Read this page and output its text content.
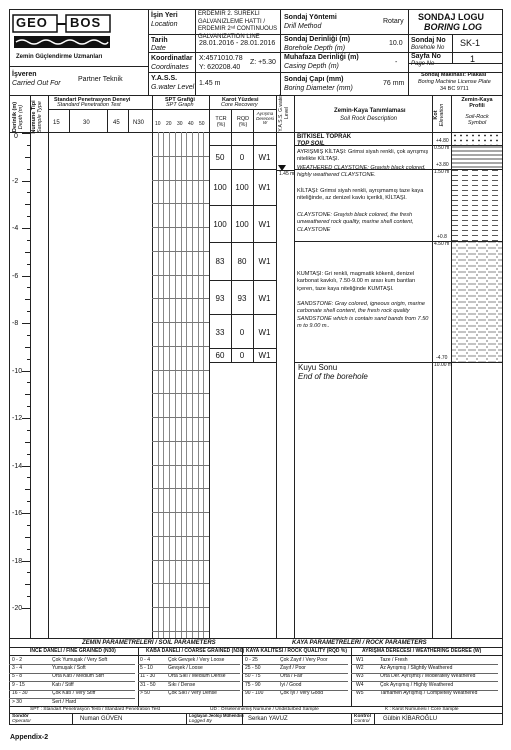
GEO BOS
Zemin Güçlendirme Uzmanları
İşin Yeri
Location
ERDEMIR 2. SUREKLI GALVANIZLEME HATTI / ERDEMIR 2ⁿᵈ CONTINUOUS GALVANIZATION LINE
Tarih
Date
28.01.2016 - 28.01.2016
Koordinatlar
Coordinates
X:4571010.78
Y: 620208.40
Z: +5.30
İşveren
Carried Out For
Partner Teknik	Y.A.S.S.
G.water Level
1.45 m
Sondaj Yöntemi
Drill Method
Rotary
Sondaj Derinliği (m)
Borehole Depth (m)
10.0
Muhafaza Derinliği (m)
Casing Depth (m)
-
Sondaj Çapı (mm)
Boring Diameter (mm)
76 mm
SONDAJ LOGU
BORING LOG
Sondaj No
Borehole No SK-1
Sayfa No
Page No	1
Sondaj Makinası: Plakası
Boring Machine License Plate
34 BC 9711
Derinlik (m)
Depth (m)	Numune Tipi
Sample Type
Standart Penetrasyon Deneyi
Standard Penetration Test
15	30	45 N30
SPT Grafiği
SPT Graph
10 20 30 40 50
Karot Yüzdesi
Core Recovery
TCR (%)
RQD (%)
Ayrışma Derecesi W	Y.A.S.S. G.water Level	Zemin-Kaya Tanımlaması
Soil Rock Description	Kot
Elevation
Zemin-Kaya Profili
Soil-Rock Symbol
0
-2
-4
-6
-8
-10
-12
-14
-16
-18
-20
50	0	W1
100	100	W1
100	100	W1
83	80	W1
93	93	W1
33	0	W1
60	0	W1
1.45 m
BİTKİSEL TOPRAK
TOP SOIL
AYRIŞMIŞ KİLTAŞI: Grimsi siyah renkli, çok ayrışmış nitelikte KİLTAŞI.
WEATHERED CLAYSTONE: Grayish black colored, highly weathered CLAYSTONE.
KİLTAŞI: Grimsi siyah renkli, ayrışmamış taze kaya niteliğinde, az denizel kavkı içerikli, KİLTAŞI.
CLAYSTONE: Grayish black colored, the fresh unweathered rock quality, marine shell content, CLAYSTONE
KUMTAŞI: Gri renkli, magmatik kökenli, denizel karbonat kavkılı, 7.50-9.00 m arası kum bantları içeren, taze kaya niteliğinde KUMTAŞI.
SANDSTONE: Gray colored, igneous origin, marine carbonate shell content, the fresh rock quality SANDSTONE which is contain sand bands from 7.50 m to 9.00 m..
Kuyu Sonu
End of the borehole
+4.80
0.50 m
+3.80
1.50 m
+0.8
4.50 m
-4.70
10.00 m
ZEMİN PARAMETRELERİ / SOIL PARAMETERS	KAYA PARAMETRELERİ / ROCK PARAMETERS
İNCE DANELİ / FINE GRAINED (N30)	KABA DANELİ / COARSE GRAINED (N30) KAYA KALİTESİ / ROCK QUALITY (RQD %)	AYRIŞMA DERECESİ / WEATHERING DEGREE (W)
0 - 2	Çok Yumuşak / Very Soft
3 - 4	Yumuşak / Soft
5 - 8	Orta Katı / Medium Stiff
9 - 15	Katı / Stiff
16 - 30	Çok Katı / Very Stiff
> 30	Sert / Hard
0 - 4	Çok Gevşek / Very Loose
5 - 10	Gevşek / Loose
11 - 30	Orta Sıkı / Medium Dense
31 - 50 Sıkı / Dense
> 50	Çok Sıkı / Very Dense
0 - 25	Çok Zayıf / Very Poor
25 - 50	Zayıf / Poor
50 - 75	Orta / Fair
75 - 90	İyi / Good
90 - 100	Çok İyi / Very Good
W1	Taze / Fresh
W2	Az Ayrışmış / Slightly Weathered
W3	Orta Der. Ayrışmış / Moderately Weathered
W4	Çok Ayrışmış / Highly Weathered
W5	Tamamen Ayrışmış / Completely Weathered
SPT : Standart Penetrasyon Testi / Standard Penetration Test	UD : Örselenmemiş Numune / Undisturbed Sample	K : Karot Numunesi / Core Sample
Sondör
Operator	Numan GÜVEN
Loglayan Jeoloji Mühendisi
Logged By	Serkan YAVUZ	Kontrol
Control Gülbin KİBAROĞLU
Appendix-2
